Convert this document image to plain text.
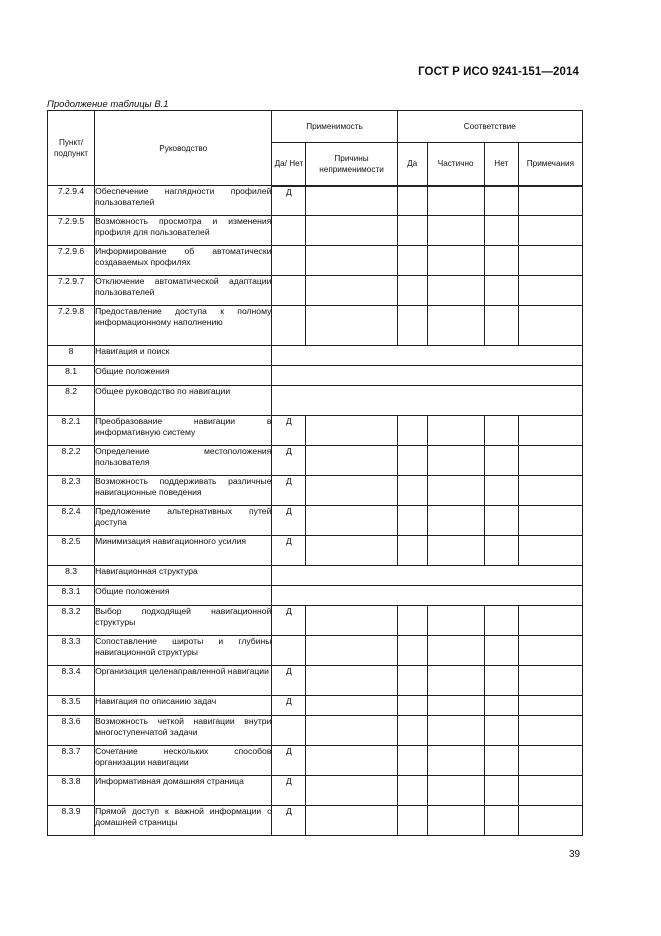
ГОСТ Р ИСО 9241-151—2014
Продолжение таблицы В.1
Пункт/ подпункт	Руководство	Применимость		Соответствие			
		Да/ Нет	Причины неприменимости	Да	Частично	Нет	Примечания
7.2.9.4	Обеспечение наглядности профилей пользователей	Д					
7.2.9.5	Возможность просмотра и изменения профиля для пользователей						
7.2.9.6	Информирование об автоматически создаваемых профилях						
7.2.9.7	Отключение автоматической адаптации пользователей						
7.2.9.8	Предоставление доступа к полному информационному наполнению						
8	Навигация и поиск						
8.1	Общие положения						
8.2	Общее руководство по навигации						
8.2.1	Преобразование навигации в информативную систему	Д					
8.2.2	Определение местоположения пользователя	Д					
8.2.3	Возможность поддерживать различные навигационные поведения	Д					
8.2.4	Предложение альтернативных путей доступа	Д					
8.2.5	Минимизация навигационного усилия	Д					
8.3	Навигационная структура						
8.3.1	Общие положения						
8.3.2	Выбор подходящей навигационной структуры	Д					
8.3.3	Сопоставление широты и глубины навигационной структуры						
8.3.4	Организация целенаправленной навигации	Д					
8.3.5	Навигация по описанию задач	Д					
8.3.6	Возможность четкой навигации внутри многоступенчатой задачи						
8.3.7	Сочетание нескольких способов организации навигации	Д					
8.3.8	Информативная домашняя страница	Д					
8.3.9	Прямой доступ к важной информации с домашней страницы	Д					
39
